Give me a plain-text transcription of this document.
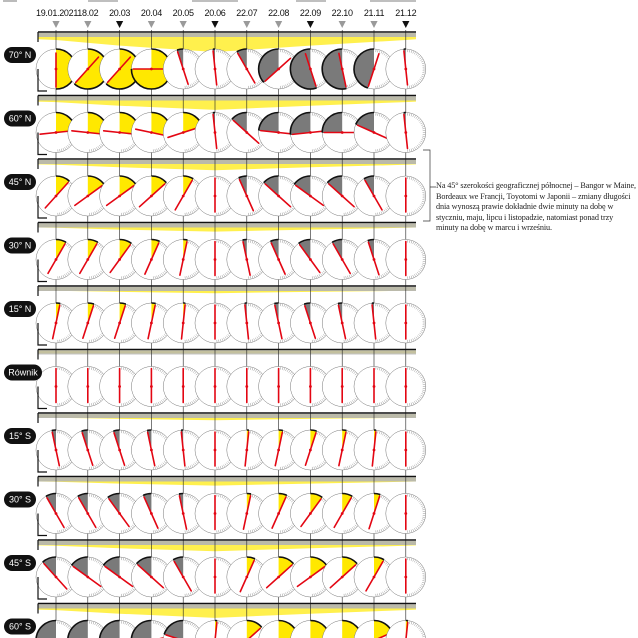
19.01.2021 18.02 20.03 20.04 20.05 20.06 22.07 22.08 22.09 22.10 21.11 21.12
70° N
60° N
45° N
30° N
15° N
Równik
15° S
30° S
45° S
60° S

Na 45° szerokości geograficznej północnej – Bangor w Maine, Bordeaux we Francji, Toyotomi w Japonii – zmiany długości dnia wynoszą prawie dokładnie dwie minuty na dobę w styczniu, maju, lipcu i listopadzie, natomiast ponad trzy minuty na dobę w marcu i wrześniu.
